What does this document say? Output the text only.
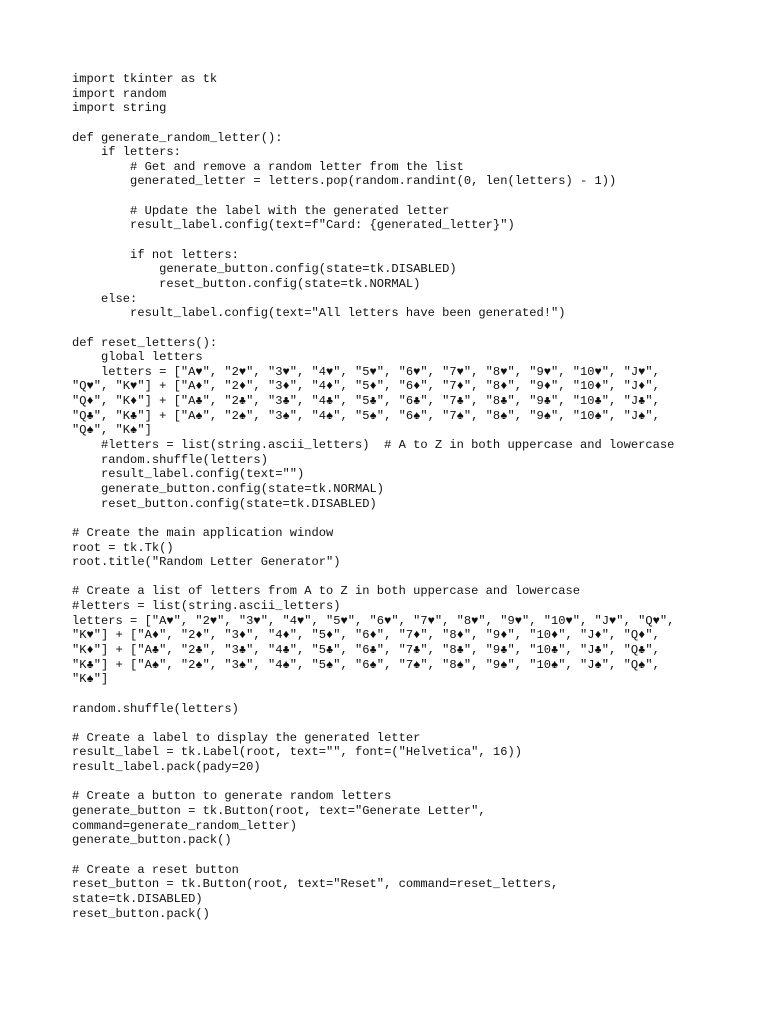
import tkinter as tk
import random
import string
def generate_random_letter():
if letters:
# Get and remove a random letter from the list
generated_letter = letters.pop(random.randint(0, len(letters) - 1))
# Update the label with the generated letter
result_label.config(text=f"Card: {generated_letter}")
if not letters:
generate_button.config(state=tk.DISABLED)
reset_button.config(state=tk.NORMAL)
else:
result_label.config(text="All letters have been generated!")
def reset_letters():
global letters
letters = ["A♥", "2♥", "3♥", "4♥", "5♥", "6♥", "7♥", "8♥", "9♥", "10♥", "J♥",
"Q♥", "K♥"] + ["A♦", "2♦", "3♦", "4♦", "5♦", "6♦", "7♦", "8♦", "9♦", "10♦", "J♦",
"Q♦", "K♦"] + ["A♣", "2♣", "3♣", "4♣", "5♣", "6♣", "7♣", "8♣", "9♣", "10♣", "J♣",
"Q♣", "K♣"] + ["A♠", "2♠", "3♠", "4♠", "5♠", "6♠", "7♠", "8♠", "9♠", "10♠", "J♠",
"Q♠", "K♠"]
#letters = list(string.ascii_letters)  # A to Z in both uppercase and lowercase
random.shuffle(letters)
result_label.config(text="")
generate_button.config(state=tk.NORMAL)
reset_button.config(state=tk.DISABLED)
# Create the main application window
root = tk.Tk()
root.title("Random Letter Generator")
# Create a list of letters from A to Z in both uppercase and lowercase
#letters = list(string.ascii_letters)
letters = ["A♥", "2♥", "3♥", "4♥", "5♥", "6♥", "7♥", "8♥", "9♥", "10♥", "J♥", "Q♥",
"K♥"] + ["A♦", "2♦", "3♦", "4♦", "5♦", "6♦", "7♦", "8♦", "9♦", "10♦", "J♦", "Q♦",
"K♦"] + ["A♣", "2♣", "3♣", "4♣", "5♣", "6♣", "7♣", "8♣", "9♣", "10♣", "J♣", "Q♣",
"K♣"] + ["A♠", "2♠", "3♠", "4♠", "5♠", "6♠", "7♠", "8♠", "9♠", "10♠", "J♠", "Q♠",
"K♠"]
random.shuffle(letters)
# Create a label to display the generated letter
result_label = tk.Label(root, text="", font=("Helvetica", 16))
result_label.pack(pady=20)
# Create a button to generate random letters
generate_button = tk.Button(root, text="Generate Letter",
command=generate_random_letter)
generate_button.pack()
# Create a reset button
reset_button = tk.Button(root, text="Reset", command=reset_letters,
state=tk.DISABLED)
reset_button.pack()
